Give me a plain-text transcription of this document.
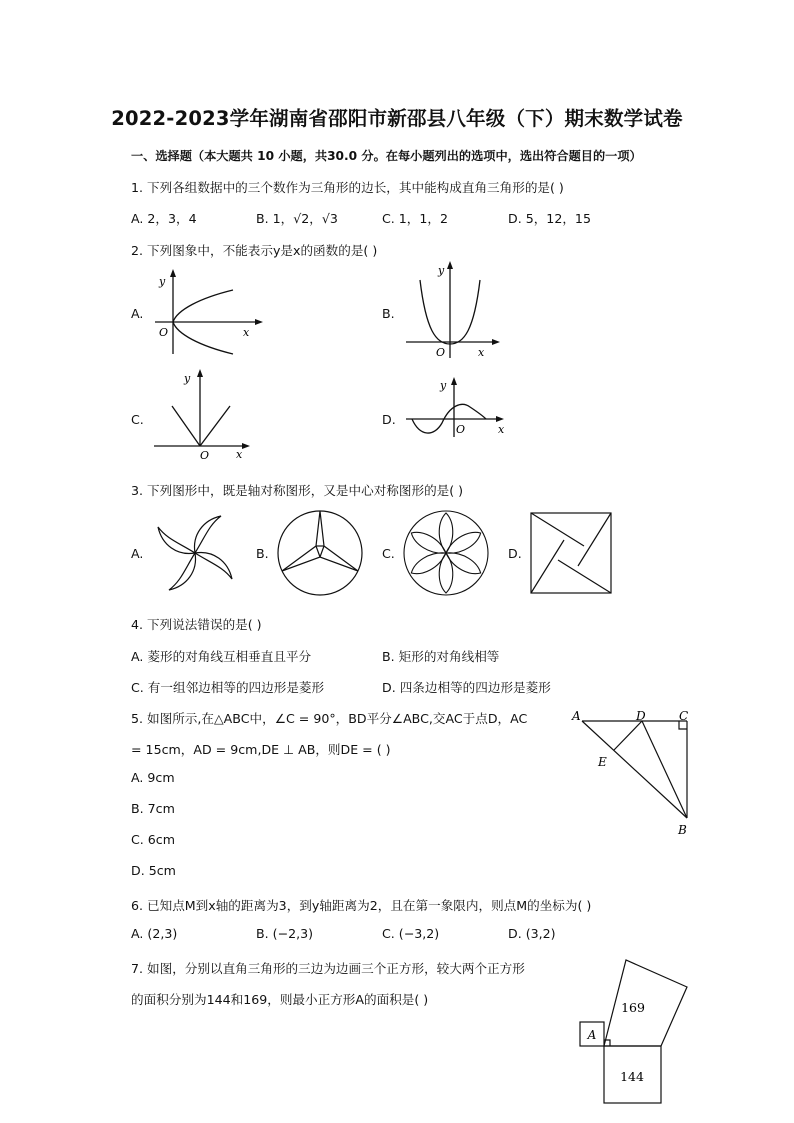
2022-2023学年湖南省邵阳市新邵县八年级（下）期末数学试卷
一、选择题（本大题共 10 小题，共30.0 分。在每小题列出的选项中，选出符合题目的一项）
1. 下列各组数据中的三个数作为三角形的边长，其中能构成直角三角形的是( )
A. 2，3，4	B. 1，√2，√3	C. 1，1，2	D. 5，12，15
2. 下列图象中，不能表示y是x的函数的是( )
A.
y
x
O
B.
y
x
O
C.
y
x
O
D.
y
x
O
3. 下列图形中，既是轴对称图形，又是中心对称图形的是( )
A.	B.	C.	D.
4. 下列说法错误的是( )
A. 菱形的对角线互相垂直且平分	B. 矩形的对角线相等
C. 有一组邻边相等的四边形是菱形	D. 四条边相等的四边形是菱形
5. 如图所示,在△ABC中，∠C = 90°，BD平分∠ABC,交AC于点D，AC
= 15cm，AD = 9cm,DE ⊥ AB，则DE = ( )
A. 9cm
B. 7cm
C. 6cm
D. 5cm
A	D	C
E
B
6. 已知点M到x轴的距离为3，到y轴距离为2，且在第一象限内，则点M的坐标为( )
A. (2,3)	B. (−2,3)	C. (−3,2)	D. (3,2)
7. 如图，分别以直角三角形的三边为边画三个正方形，较大两个正方形
的面积分别为144和169，则最小正方形A的面积是( )
169
144
A
